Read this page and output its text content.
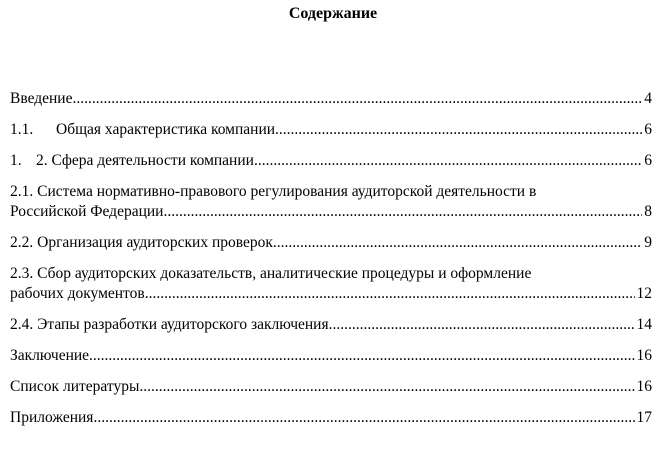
Содержание
Введение .....	4
1.1. Общая характеристика компании .....	6
1. 2. Сфера деятельности компании .....	6
2.1. Система нормативно-правового регулирования аудиторской деятельности в
Российской Федерации .....	8
2.2. Организация аудиторских проверок .....	9
2.3. Сбор аудиторских доказательств, аналитические процедуры и оформление
рабочих документов .....	12
2.4. Этапы разработки аудиторского заключения .....	14
Заключение .....	16
Список литературы .....	16
Приложения .....	17
